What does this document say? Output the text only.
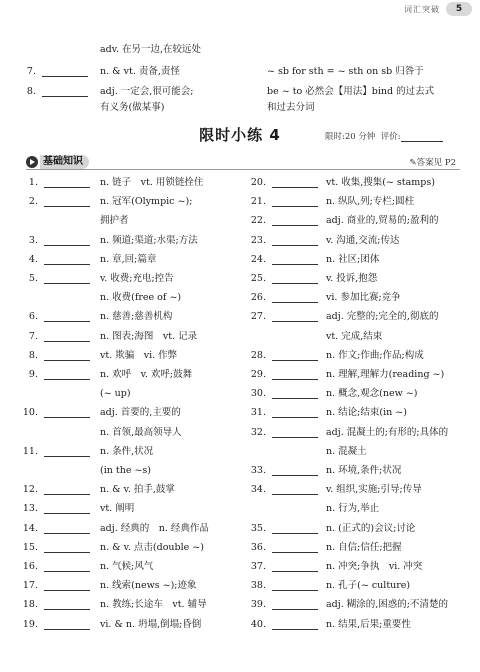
词汇突破	5
adv. 在另一边,在较远处
7.	n. & vt. 责备,责怪	~ sb for sth = ~ sth on sb 归咎于
8.	adj. 一定会,很可能会;	be ~ to 必然会【用法】bind 的过去式
有义务(做某事)	和过去分词
限时小练 4	限时:20 分钟 评价:
基础知识	✎答案见 P2
1.	n. 链子　vt. 用锁链拴住
2.	n. 冠军(Olympic ~);
拥护者
3.	n. 频道;渠道;水渠;方法
4.	n. 章,回;篇章
5.	v. 收费;充电;控告
n. 收费(free of ~)
6.	n. 慈善;慈善机构
7.	n. 图表;海图　vt. 记录
8.	vt. 欺骗　vi. 作弊
9.	n. 欢呼　v. 欢呼;鼓舞
(~ up)
10.	adj. 首要的,主要的
n. 首领,最高领导人
11.	n. 条件,状况
(in the ~s)
12.	n. & v. 拍手,鼓掌
13.	vt. 阐明
14.	adj. 经典的　n. 经典作品
15.	n. & v. 点击(double ~)
16.	n. 气候;风气
17.	n. 线索(news ~);迹象
18.	n. 教练;长途车　vt. 辅导
19.	vi. & n. 坍塌,倒塌;昏倒
20.	vt. 收集,搜集(~ stamps)
21.	n. 纵队,列;专栏;圆柱
22.	adj. 商业的,贸易的;盈利的
23.	v. 沟通,交流;传达
24.	n. 社区;团体
25.	v. 投诉,抱怨
26.	vi. 参加比赛;竞争
27.	adj. 完整的;完全的,彻底的
vt. 完成,结束
28.	n. 作文;作曲;作品;构成
29.	n. 理解,理解力(reading ~)
30.	n. 概念,观念(new ~)
31.	n. 结论;结束(in ~)
32.	adj. 混凝土的;有形的;具体的
n. 混凝土
33.	n. 环境,条件;状况
34.	v. 组织,实施;引导;传导
n. 行为,举止
35.	n. (正式的)会议;讨论
36.	n. 自信;信任;把握
37.	n. 冲突;争执　vi. 冲突
38.	n. 孔子(~ culture)
39.	adj. 糊涂的,困惑的;不清楚的
40.	n. 结果,后果;重要性
